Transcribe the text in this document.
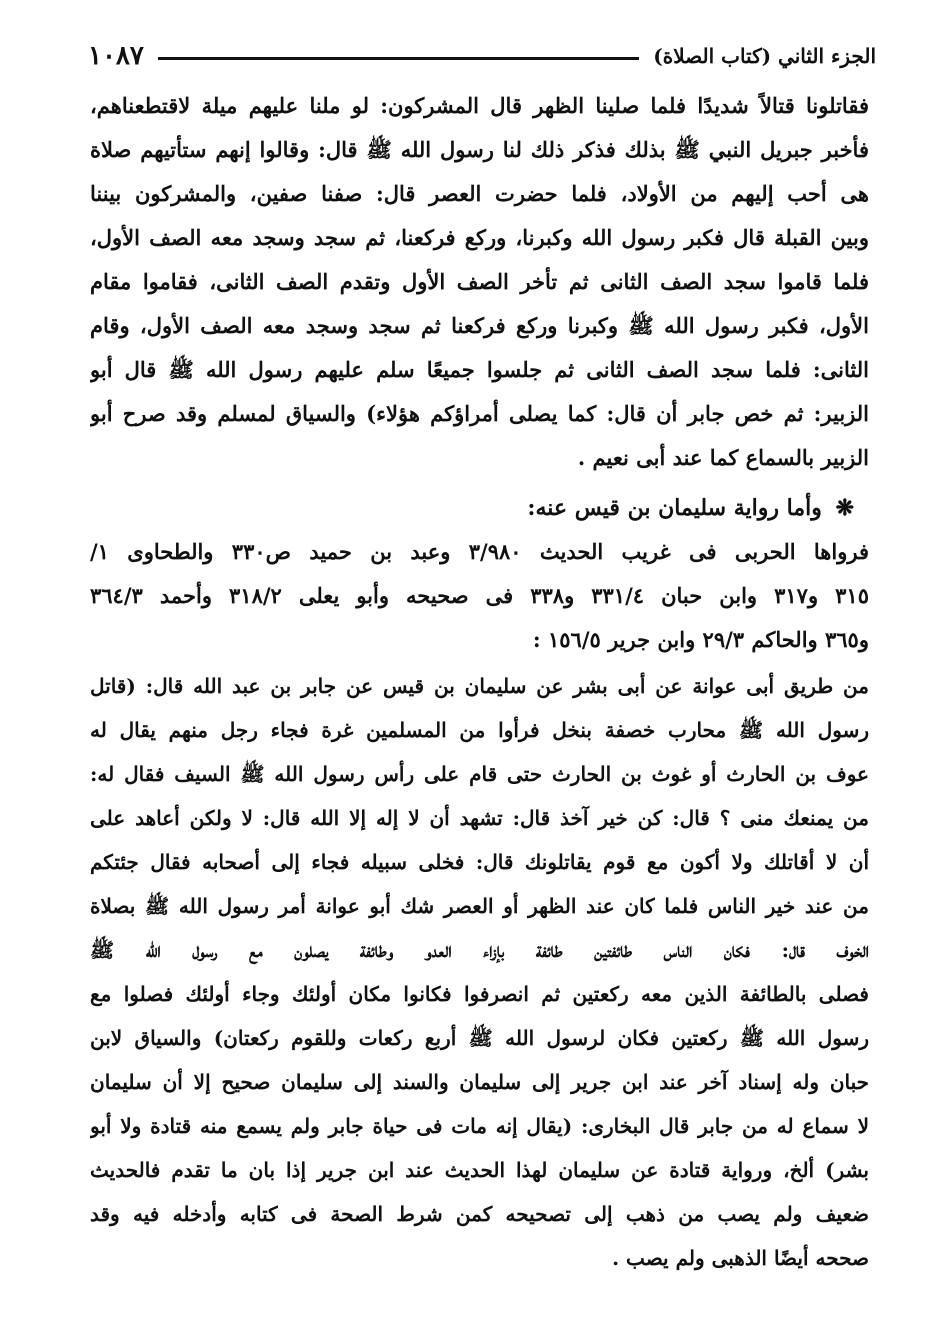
١٠٨٧	الجزء الثاني (كتاب الصلاة)
فقاتلونا قتالاً شديدًا فلما صلينا الظهر قال المشركون: لو ملنا عليهم ميلة لاقتطعناهم،
فأخبر جبريل النبي ﷺ بذلك فذكر ذلك لنا رسول الله ﷺ قال: وقالوا إنهم ستأتيهم صلاة
هى أحب إليهم من الأولاد، فلما حضرت العصر قال: صفنا صفين، والمشركون بيننا
وبين القبلة قال فكبر رسول الله وكبرنا، وركع فركعنا، ثم سجد وسجد معه الصف الأول،
فلما قاموا سجد الصف الثانى ثم تأخر الصف الأول وتقدم الصف الثانى، فقاموا مقام
الأول، فكبر رسول الله ﷺ وكبرنا وركع فركعنا ثم سجد وسجد معه الصف الأول، وقام
الثانى: فلما سجد الصف الثانى ثم جلسوا جميعًا سلم عليهم رسول الله ﷺ قال أبو
الزبير: ثم خص جابر أن قال: كما يصلى أمراؤكم هؤلاء) والسياق لمسلم وقد صرح أبو
الزبير بالسماع كما عند أبى نعيم .
❋ وأما رواية سليمان بن قيس عنه:
فرواها الحربى فى غريب الحديث ٣/٩٨٠ وعبد بن حميد ص٣٣٠ والطحاوى ١/
٣١٥ و٣١٧ وابن حبان ٣٣١/٤ و٣٣٨ فى صحيحه وأبو يعلى ٣١٨/٢ وأحمد ٣٦٤/٣
و٣٦٥ والحاكم ٢٩/٣ وابن جرير ١٥٦/٥ :
من طريق أبى عوانة عن أبى بشر عن سليمان بن قيس عن جابر بن عبد الله قال: (قاتل
رسول الله ﷺ محارب خصفة بنخل فرأوا من المسلمين غرة فجاء رجل منهم يقال له
عوف بن الحارث أو غوث بن الحارث حتى قام على رأس رسول الله ﷺ السيف فقال له:
من يمنعك منى ؟ قال: كن خير آخذ قال: تشهد أن لا إله إلا الله قال: لا ولكن أعاهد على
أن لا أقاتلك ولا أكون مع قوم يقاتلونك قال: فخلى سبيله فجاء إلى أصحابه فقال جئتكم
من عند خير الناس فلما كان عند الظهر أو العصر شك أبو عوانة أمر رسول الله ﷺ بصلاة
الخوف قال: فكان الناس طائفتين طائفة بإزاء العدو وطائفة يصلون مع رسول الله ﷺ
فصلى بالطائفة الذين معه ركعتين ثم انصرفوا فكانوا مكان أولئك وجاء أولئك فصلوا مع
رسول الله ﷺ ركعتين فكان لرسول الله ﷺ أربع ركعات وللقوم ركعتان) والسياق لابن
حبان وله إسناد آخر عند ابن جرير إلى سليمان والسند إلى سليمان صحيح إلا أن سليمان
لا سماع له من جابر قال البخارى: (يقال إنه مات فى حياة جابر ولم يسمع منه قتادة ولا أبو
بشر) ألخ، ورواية قتادة عن سليمان لهذا الحديث عند ابن جرير إذا بان ما تقدم فالحديث
ضعيف ولم يصب من ذهب إلى تصحيحه كمن شرط الصحة فى كتابه وأدخله فيه وقد
صححه أيضًا الذهبى ولم يصب .
